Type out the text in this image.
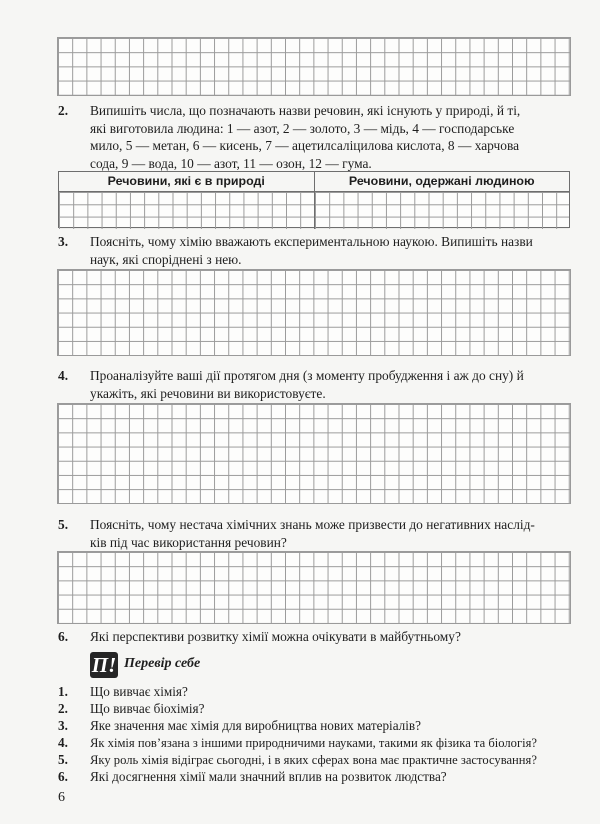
2. Випишіть числа, що позначають назви речовин, які існують у природі, й ті,
які виготовила людина: 1 — азот, 2 — золото, 3 — мідь, 4 — господарське
мило, 5 — метан, 6 — кисень, 7 — ацетилсаліцилова кислота, 8 — харчова
сода, 9 — вода, 10 — азот, 11 — озон, 12 — гума.
Речовини, які є в природі	Речовини, одержані людиною
3. Поясніть, чому хімію вважають експериментальною наукою. Випишіть назви
наук, які споріднені з нею.
4. Проаналізуйте ваші дії протягом дня (з моменту пробудження і аж до сну) й
укажіть, які речовини ви використовуєте.
5. Поясніть, чому нестача хімічних знань може призвести до негативних наслід-
ків під час використання речовин?
6. Які перспективи розвитку хімії можна очікувати в майбутньому?
П! Перевір себе
1. Що вивчає хімія?
2. Що вивчає біохімія?
3. Яке значення має хімія для виробництва нових матеріалів?
4. Як хімія пов’язана з іншими природничими науками, такими як фізика та біологія?
5. Яку роль хімія відіграє сьогодні, і в яких сферах вона має практичне застосування?
6. Які досягнення хімії мали значний вплив на розвиток людства?
6
